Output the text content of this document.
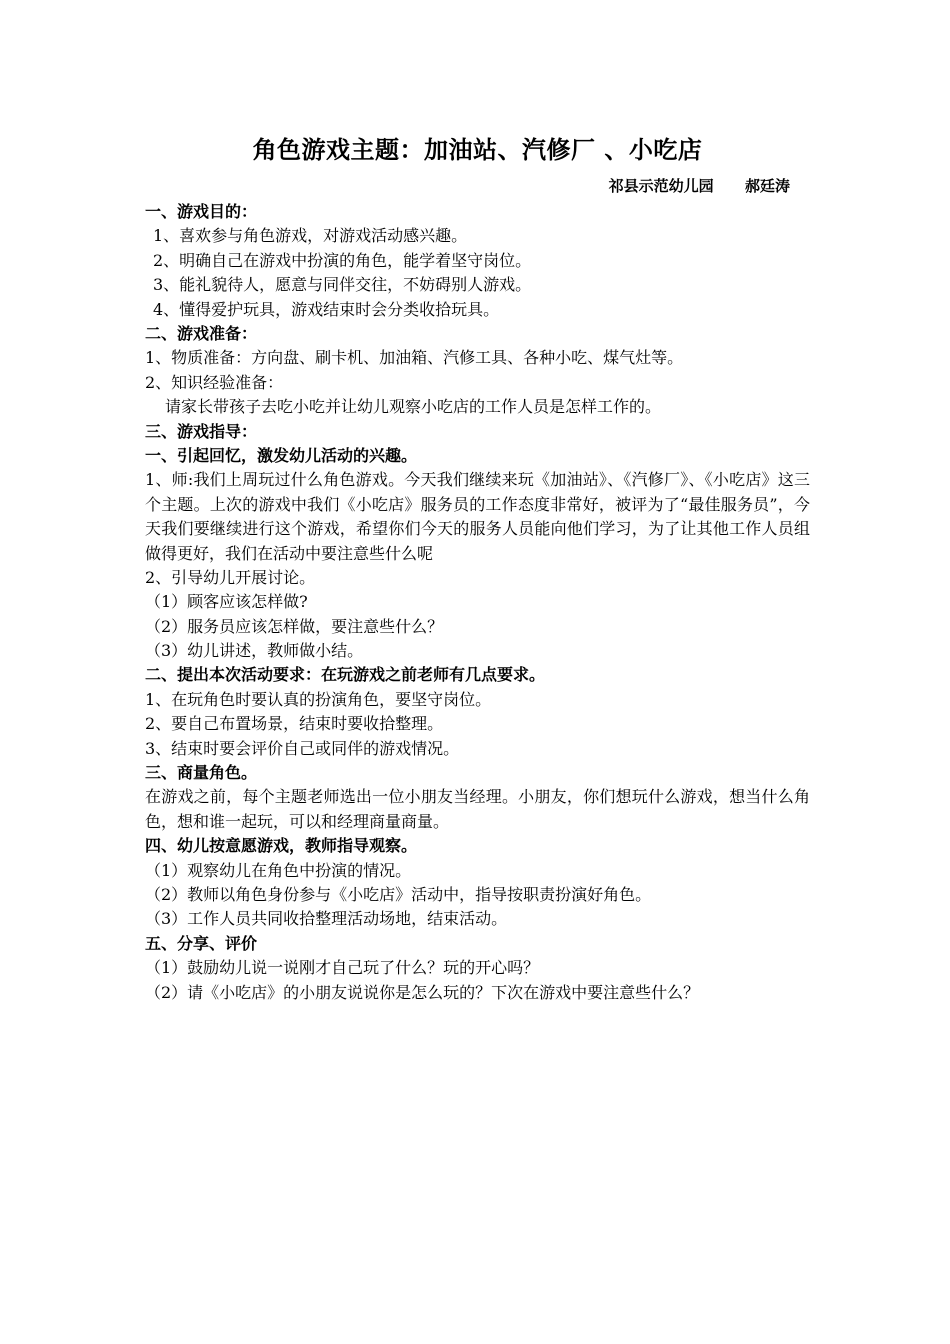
角色游戏主题：加油站、汽修厂 、小吃店
祁县示范幼儿园      郝廷涛
一、游戏目的：
1、喜欢参与角色游戏，对游戏活动感兴趣。
2、明确自己在游戏中扮演的角色，能学着坚守岗位。
3、能礼貌待人，愿意与同伴交往，不妨碍别人游戏。
4、懂得爱护玩具，游戏结束时会分类收拾玩具。
二、游戏准备：
1、物质准备：方向盘、刷卡机、加油箱、汽修工具、各种小吃、煤气灶等。
2、知识经验准备：
请家长带孩子去吃小吃并让幼儿观察小吃店的工作人员是怎样工作的。
三、游戏指导：
一、引起回忆，激发幼儿活动的兴趣。
1、师:我们上周玩过什么角色游戏。今天我们继续来玩《加油站》、《汽修厂》、《小吃店》这三个主题。上次的游戏中我们《小吃店》服务员的工作态度非常好，被评为了“最佳服务员”，今天我们要继续进行这个游戏，希望你们今天的服务人员能向他们学习，为了让其他工作人员组做得更好，我们在活动中要注意些什么呢
2、引导幼儿开展讨论。
（1）顾客应该怎样做?
（2）服务员应该怎样做，要注意些什么？
（3）幼儿讲述，教师做小结。
二、提出本次活动要求：在玩游戏之前老师有几点要求。
1、在玩角色时要认真的扮演角色，要坚守岗位。
2、要自己布置场景，结束时要收拾整理。
3、结束时要会评价自己或同伴的游戏情况。
三、商量角色。
在游戏之前，每个主题老师选出一位小朋友当经理。小朋友，你们想玩什么游戏，想当什么角色，想和谁一起玩，可以和经理商量商量。
四、幼儿按意愿游戏，教师指导观察。
（1）观察幼儿在角色中扮演的情况。
（2）教师以角色身份参与《小吃店》活动中，指导按职责扮演好角色。
（3）工作人员共同收拾整理活动场地，结束活动。
五、分享、评价
（1）鼓励幼儿说一说刚才自己玩了什么？玩的开心吗？
（2）请《小吃店》的小朋友说说你是怎么玩的？下次在游戏中要注意些什么？
